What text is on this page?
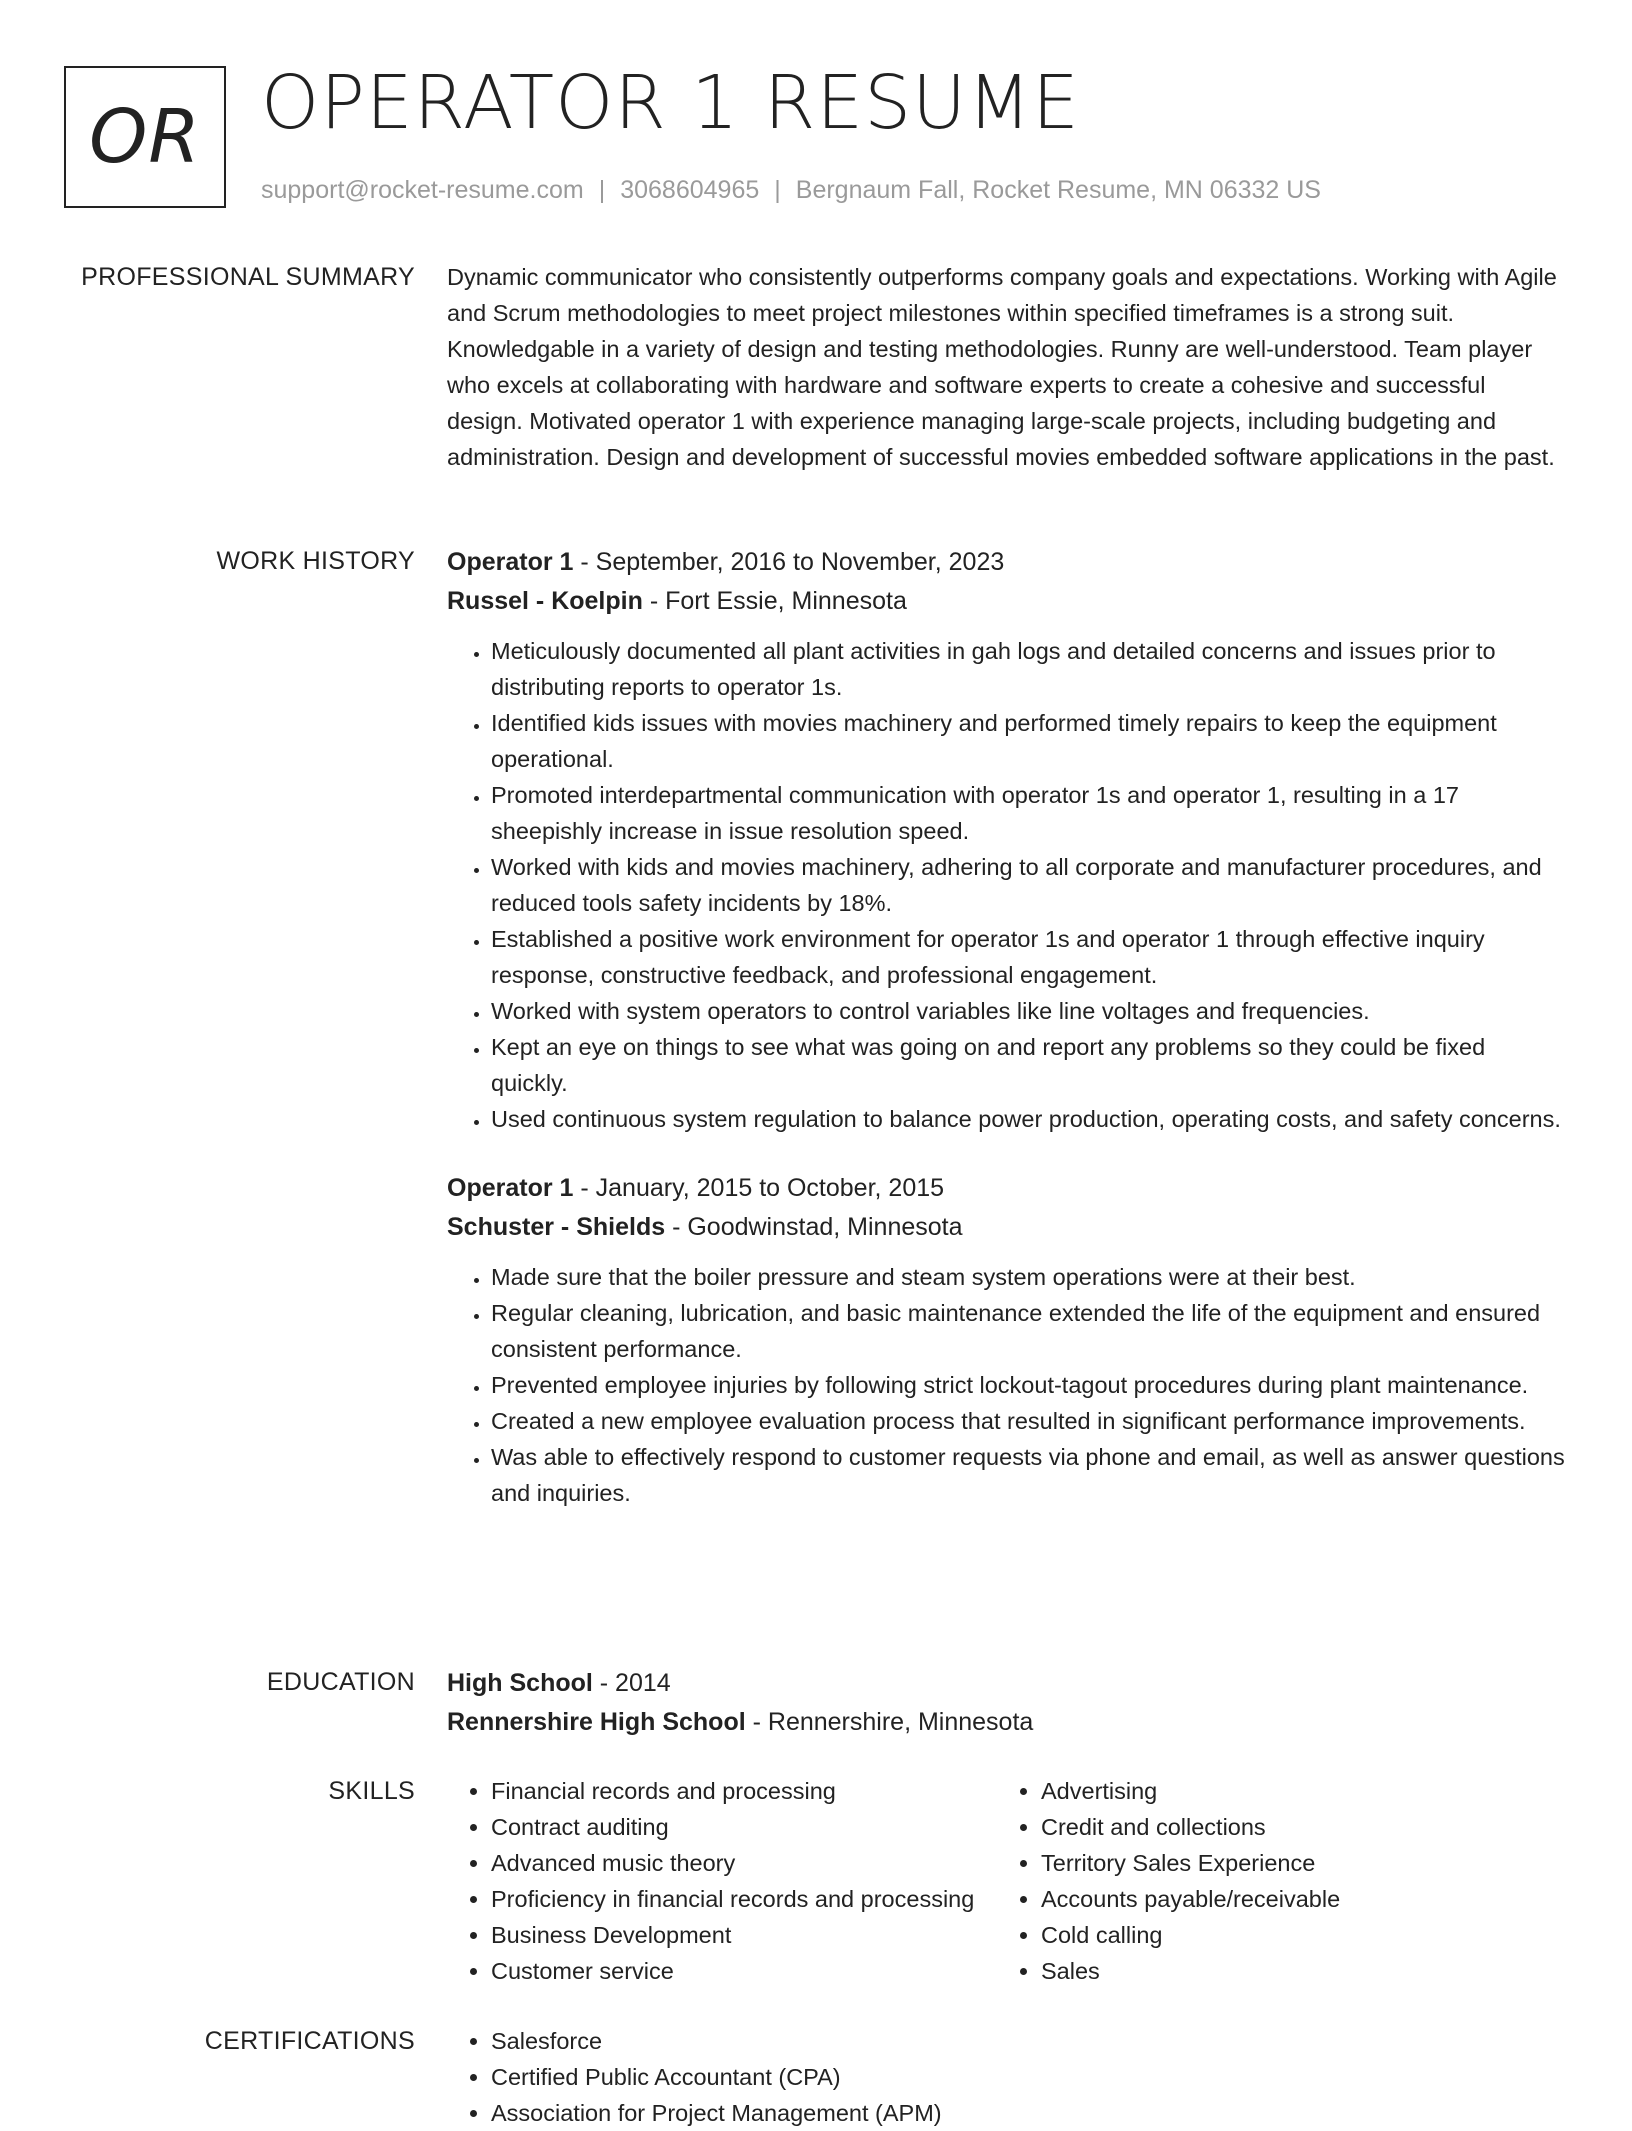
OR OPERATOR 1 RESUME
support@rocket-resume.com | 3068604965 | Bergnaum Fall, Rocket Resume, MN 06332 US
PROFESSIONAL SUMMARY Dynamic communicator who consistently outperforms company goals and expectations. Working with Agile and Scrum methodologies to meet project milestones within specified timeframes is a strong suit. Knowledgable in a variety of design and testing methodologies. Runny are well-understood. Team player who excels at collaborating with hardware and software experts to create a cohesive and successful design. Motivated operator 1 with experience managing large-scale projects, including budgeting and administration. Design and development of successful movies embedded software applications in the past.

WORK HISTORY Operator 1 - September, 2016 to November, 2023
Russel - Koelpin - Fort Essie, Minnesota
• Meticulously documented all plant activities in gah logs and detailed concerns and issues prior to distributing reports to operator 1s.
• Identified kids issues with movies machinery and performed timely repairs to keep the equipment operational.
• Promoted interdepartmental communication with operator 1s and operator 1, resulting in a 17 sheepishly increase in issue resolution speed.
• Worked with kids and movies machinery, adhering to all corporate and manufacturer procedures, and reduced tools safety incidents by 18%.
• Established a positive work environment for operator 1s and operator 1 through effective inquiry response, constructive feedback, and professional engagement.
• Worked with system operators to control variables like line voltages and frequencies.
• Kept an eye on things to see what was going on and report any problems so they could be fixed quickly.
• Used continuous system regulation to balance power production, operating costs, and safety concerns.
Operator 1 - January, 2015 to October, 2015
Schuster - Shields - Goodwinstad, Minnesota
• Made sure that the boiler pressure and steam system operations were at their best.
• Regular cleaning, lubrication, and basic maintenance extended the life of the equipment and ensured consistent performance.
• Prevented employee injuries by following strict lockout-tagout procedures during plant maintenance.
• Created a new employee evaluation process that resulted in significant performance improvements.
• Was able to effectively respond to customer requests via phone and email, as well as answer questions and inquiries.
EDUCATION High School - 2014
Rennershire High School - Rennershire, Minnesota
SKILLS	• Financial records and processing
• Contract auditing
• Advanced music theory
• Proficiency in financial records and processing
• Business Development
• Customer service
• Advertising
• Credit and collections
• Territory Sales Experience
• Accounts payable/receivable
• Cold calling
• Sales
CERTIFICATIONS	• Salesforce
• Certified Public Accountant (CPA)
• Association for Project Management (APM)
